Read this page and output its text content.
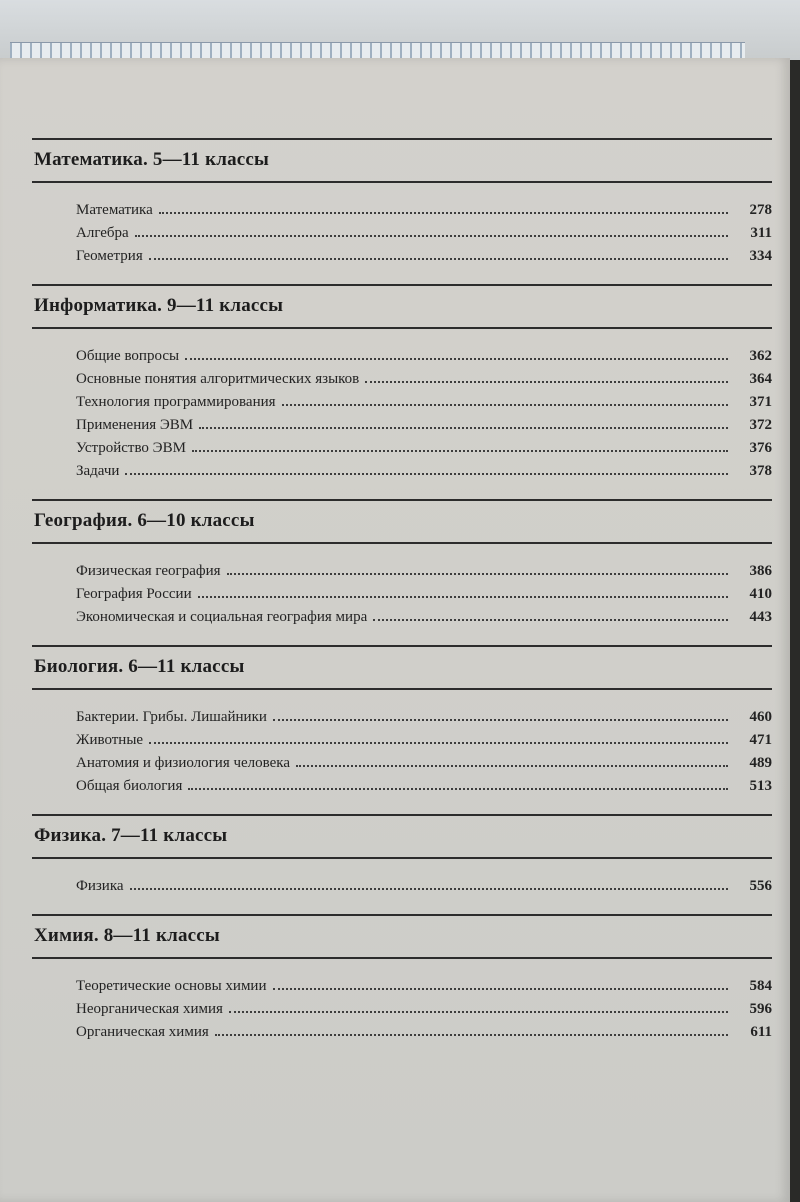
Математика. 5—11 классы
Математика	278
Алгебра	311
Геометрия	334
Информатика. 9—11 классы
Общие вопросы	362
Основные понятия алгоритмических языков	364
Технология программирования	371
Применения ЭВМ	372
Устройство ЭВМ	376
Задачи	378
География. 6—10 классы
Физическая география	386
География России	410
Экономическая и социальная география мира	443
Биология. 6—11 классы
Бактерии. Грибы. Лишайники	460
Животные	471
Анатомия и физиология человека	489
Общая биология	513
Физика. 7—11 классы
Физика	556
Химия. 8—11 классы
Теоретические основы химии	584
Неорганическая химия	596
Органическая химия	611
